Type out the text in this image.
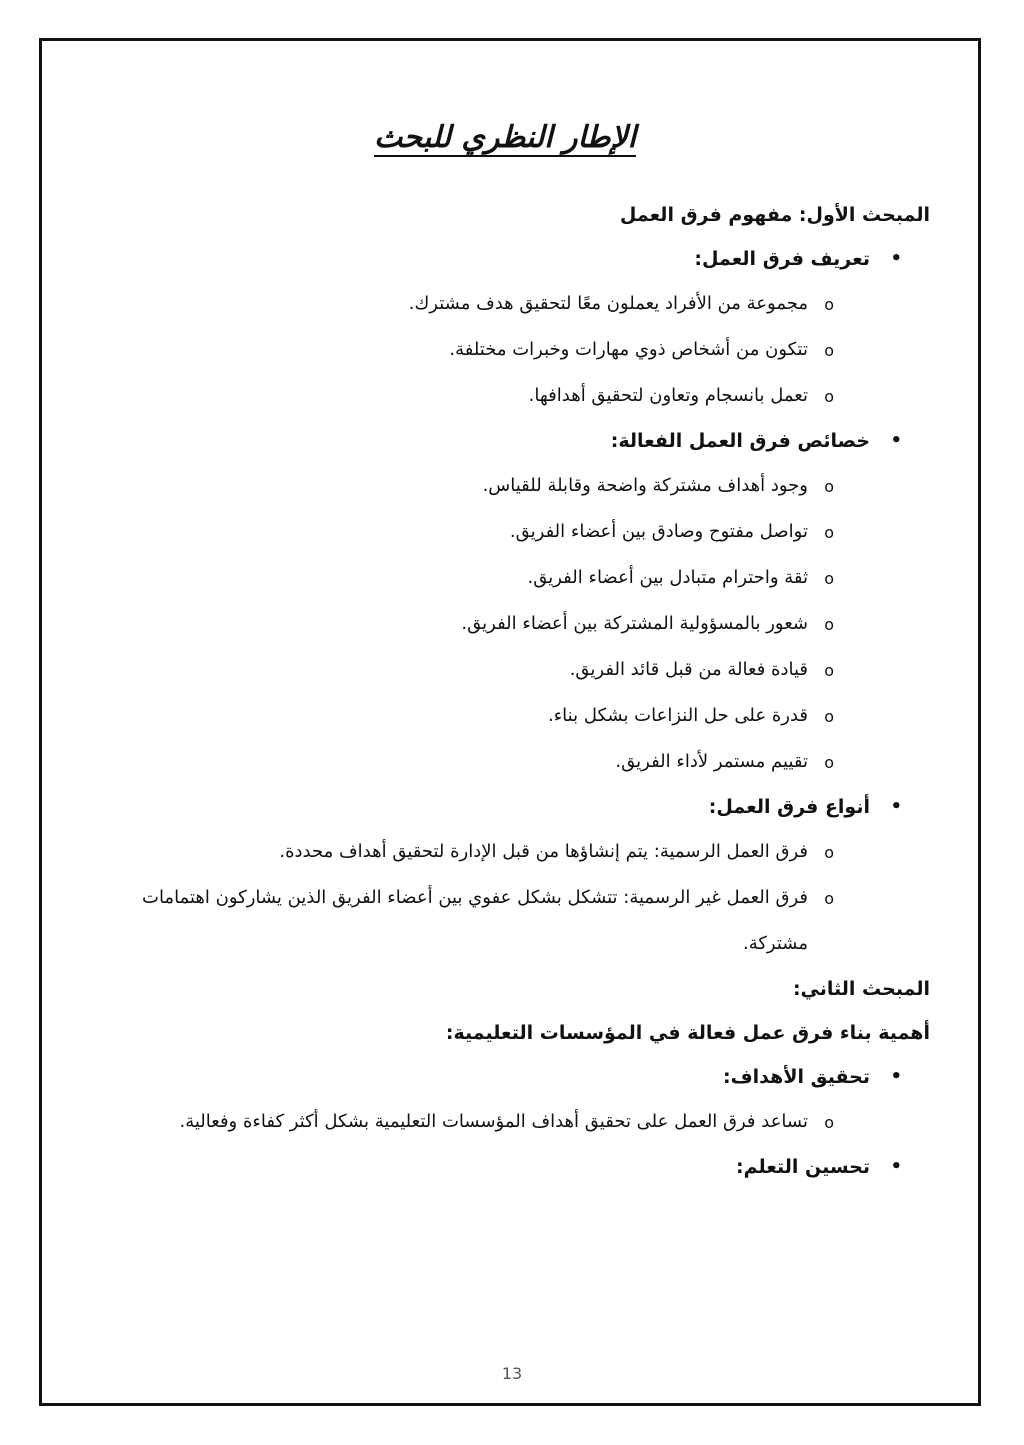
الإطار النظري للبحث
المبحث الأول: مفهوم فرق العمل
•
تعريف فرق العمل:
ο
مجموعة من الأفراد يعملون معًا لتحقيق هدف مشترك.
ο
تتكون من أشخاص ذوي مهارات وخبرات مختلفة.
ο
تعمل بانسجام وتعاون لتحقيق أهدافها.
•
خصائص فرق العمل الفعالة:
ο
وجود أهداف مشتركة واضحة وقابلة للقياس.
ο
تواصل مفتوح وصادق بين أعضاء الفريق.
ο
ثقة واحترام متبادل بين أعضاء الفريق.
ο
شعور بالمسؤولية المشتركة بين أعضاء الفريق.
ο
قيادة فعالة من قبل قائد الفريق.
ο
قدرة على حل النزاعات بشكل بناء.
ο
تقييم مستمر لأداء الفريق.
•
أنواع فرق العمل:
ο
فرق العمل الرسمية: يتم إنشاؤها من قبل الإدارة لتحقيق أهداف محددة.
ο
فرق العمل غير الرسمية: تتشكل بشكل عفوي بين أعضاء الفريق الذين يشاركون اهتمامات مشتركة.
المبحث الثاني:
أهمية بناء فرق عمل فعالة في المؤسسات التعليمية:
•
تحقيق الأهداف:
ο
تساعد فرق العمل على تحقيق أهداف المؤسسات التعليمية بشكل أكثر كفاءة وفعالية.
•
تحسين التعلم:
13
